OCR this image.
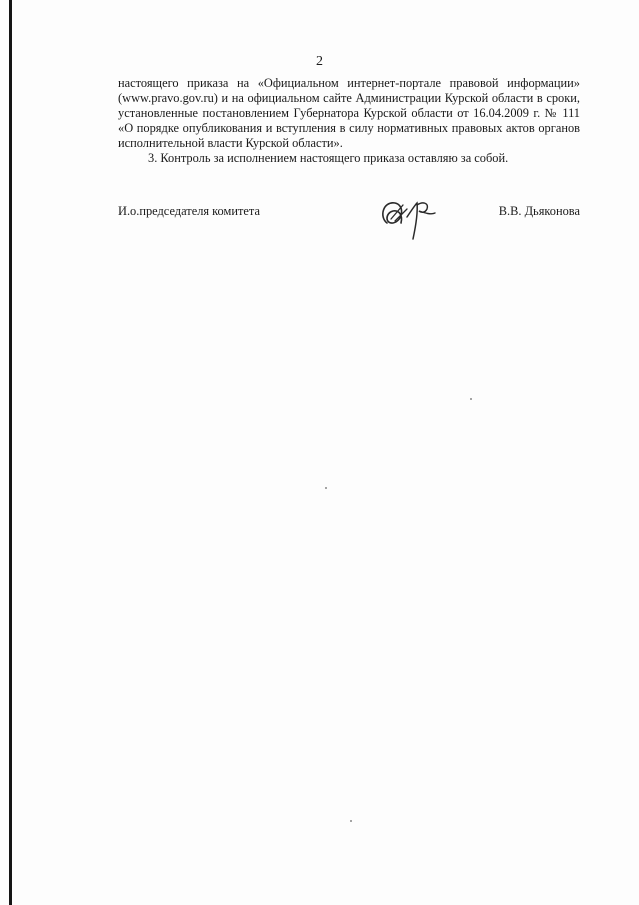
2

настоящего приказа на «Официальном интернет-портале правовой информации»
(www.pravo.gov.ru) и на официальном сайте Администрации Курской области в сроки,
установленные постановлением Губернатора Курской области от 16.04.2009 г. № 111
«О порядке опубликования и вступления в силу нормативных правовых актов органов
исполнительной власти Курской области».

3. Контроль за исполнением настоящего приказа оставляю за собой.

И.о.председателя комитета	В.В. Дьяконова
